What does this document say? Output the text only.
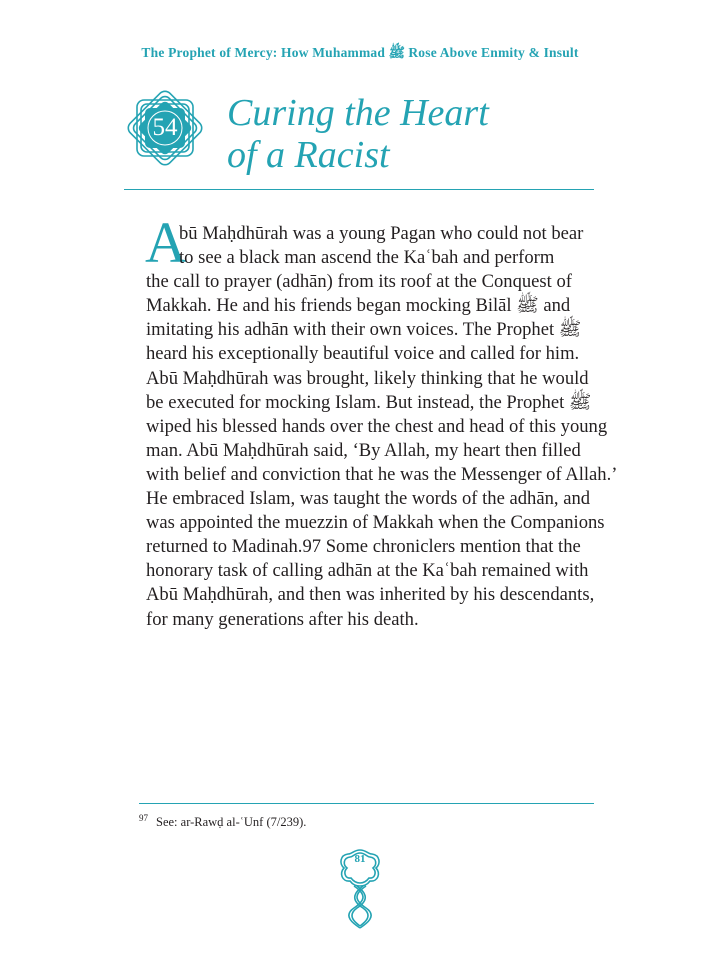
The Prophet of Mercy: How Muhammad ﷺ Rose Above Enmity & Insult
54	Curing the Heart
of a Racist
A

bū Maḥdhūrah was a young Pagan who could not bear
to see a black man ascend the Kaʿbah and perform
the call to prayer (adhān) from its roof at the Conquest of
Makkah. He and his friends began mocking Bilāl ﷺ and
imitating his adhān with their own voices. The Prophet ﷺ
heard his exceptionally beautiful voice and called for him.
Abū Maḥdhūrah was brought, likely thinking that he would
be executed for mocking Islam. But instead, the Prophet ﷺ
wiped his blessed hands over the chest and head of this young
man. Abū Maḥdhūrah said, ‘By Allah, my heart then filled
with belief and conviction that he was the Messenger of Allah.’
He embraced Islam, was taught the words of the adhān, and
was appointed the muezzin of Makkah when the Companions
returned to Madinah.97 Some chroniclers mention that the
honorary task of calling adhān at the Kaʿbah remained with
Abū Maḥdhūrah, and then was inherited by his descendants,
for many generations after his death.

$^{97}$ See: ar-Rawḍ al-ʿUnf (7/239).
81
